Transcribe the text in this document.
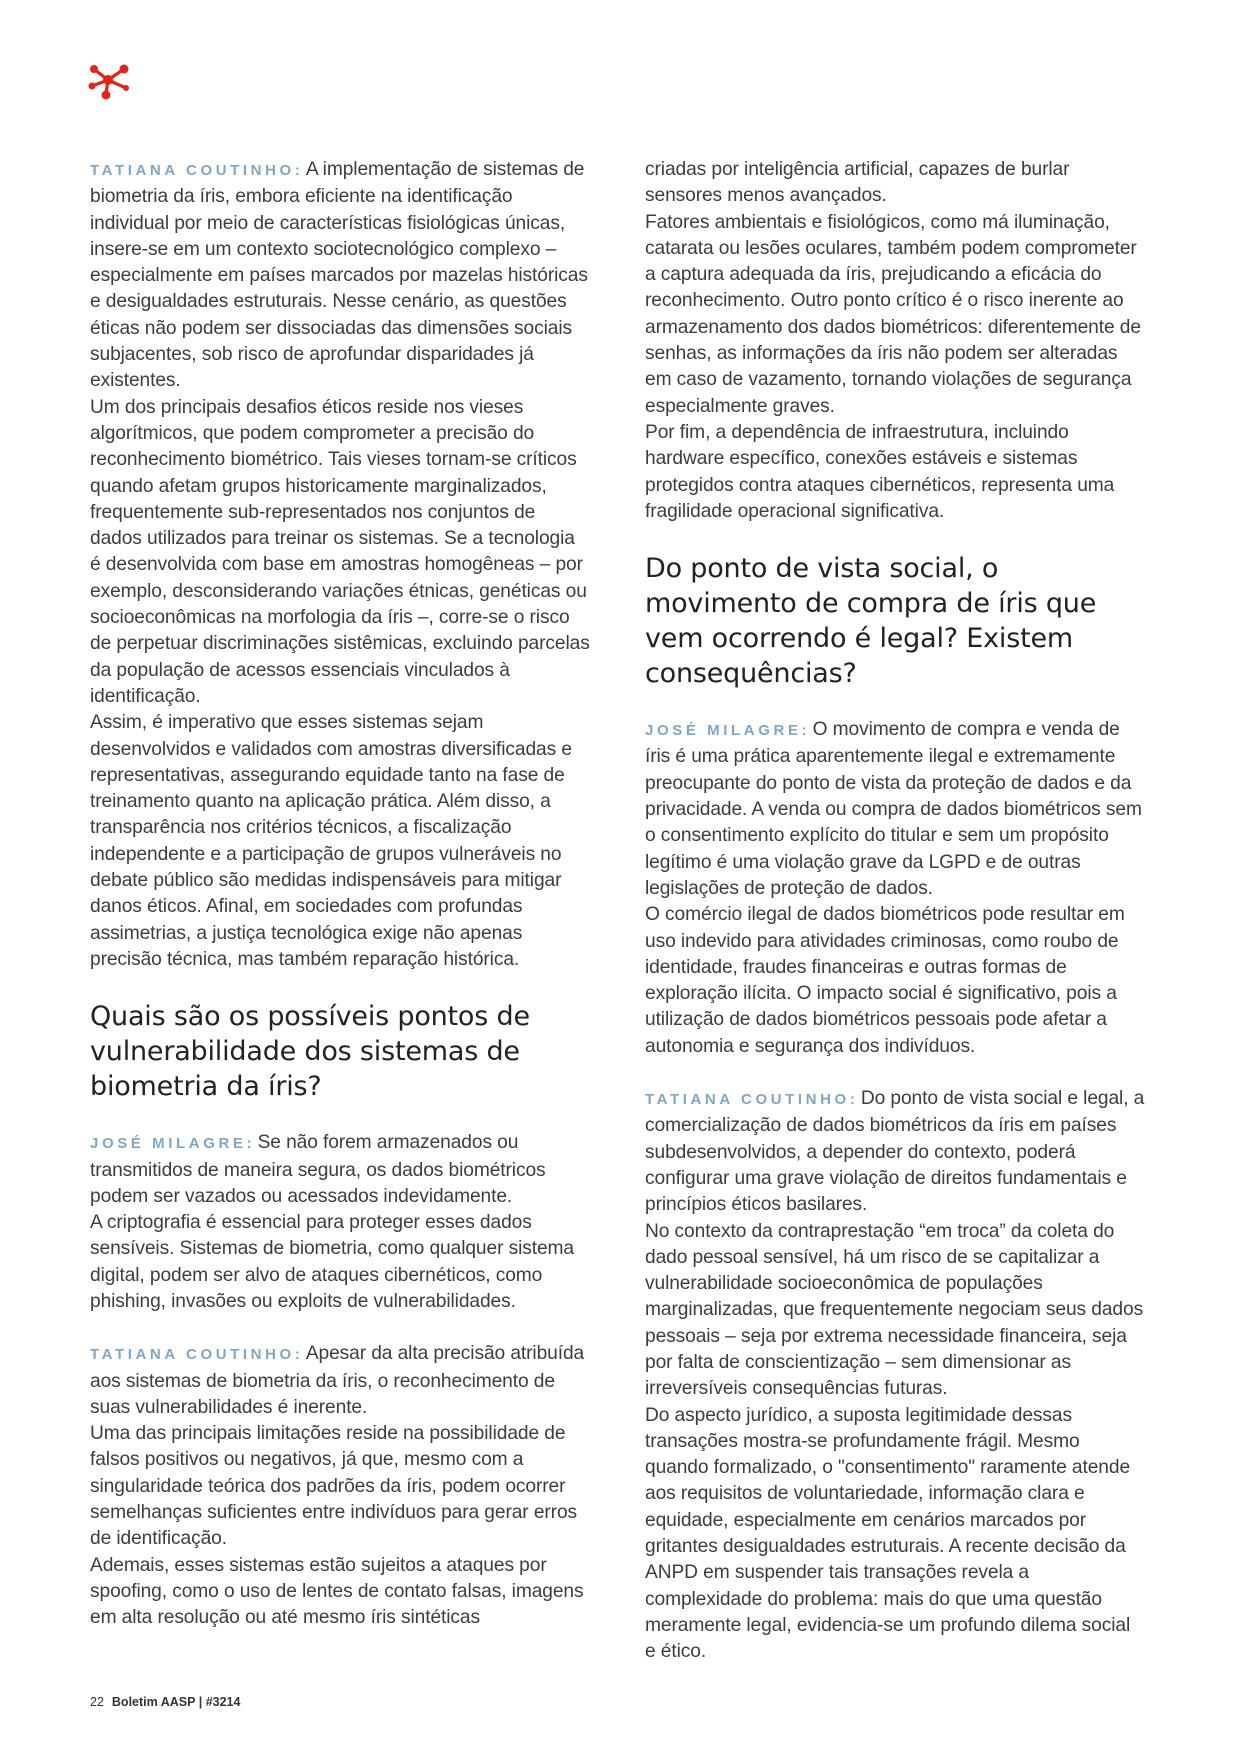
TATIANA COUTINHO : A implementação de sistemas de biometria da íris, embora eficiente na identificação individual por meio de características fisiológicas únicas, insere-se em um contexto sociotecnológico complexo – especialmente em países marcados por mazelas históricas e desigualdades estruturais. Nesse cenário, as questões éticas não podem ser dissociadas das dimensões sociais subjacentes, sob risco de aprofundar disparidades já existentes.

Um dos principais desafios éticos reside nos vieses algorítmicos, que podem comprometer a precisão do reconhecimento biométrico. Tais vieses tornam-se críticos quando afetam grupos historicamente marginalizados, frequentemente sub-representados nos conjuntos de dados utilizados para treinar os sistemas. Se a tecnologia é desenvolvida com base em amostras homogêneas – por exemplo, desconsiderando variações étnicas, genéticas ou socioeconômicas na morfologia da íris –, corre-se o risco de perpetuar discriminações sistêmicas, excluindo parcelas da população de acessos essenciais vinculados à identificação.

Assim, é imperativo que esses sistemas sejam desenvolvidos e validados com amostras diversificadas e representativas, assegurando equidade tanto na fase de treinamento quanto na aplicação prática. Além disso, a transparência nos critérios técnicos, a fiscalização independente e a participação de grupos vulneráveis no debate público são medidas indispensáveis para mitigar danos éticos. Afinal, em sociedades com profundas assimetrias, a justiça tecnológica exige não apenas precisão técnica, mas também reparação histórica.

Quais são os possíveis pontos de vulnerabilidade dos sistemas de biometria da íris?

JOSÉ MILAGRE : Se não forem armazenados ou transmitidos de maneira segura, os dados biométricos podem ser vazados ou acessados indevidamente.

A criptografia é essencial para proteger esses dados sensíveis. Sistemas de biometria, como qualquer sistema digital, podem ser alvo de ataques cibernéticos, como phishing, invasões ou exploits de vulnerabilidades.

TATIANA COUTINHO : Apesar da alta precisão atribuída aos sistemas de biometria da íris, o reconhecimento de suas vulnerabilidades é inerente.

Uma das principais limitações reside na possibilidade de falsos positivos ou negativos, já que, mesmo com a singularidade teórica dos padrões da íris, podem ocorrer semelhanças suficientes entre indivíduos para gerar erros de identificação.

Ademais, esses sistemas estão sujeitos a ataques por spoofing, como o uso de lentes de contato falsas, imagens em alta resolução ou até mesmo íris sintéticas

criadas por inteligência artificial, capazes de burlar sensores menos avançados.

Fatores ambientais e fisiológicos, como má iluminação, catarata ou lesões oculares, também podem comprometer a captura adequada da íris, prejudicando a eficácia do reconhecimento. Outro ponto crítico é o risco inerente ao armazenamento dos dados biométricos: diferentemente de senhas, as informações da íris não podem ser alteradas em caso de vazamento, tornando violações de segurança especialmente graves.

Por fim, a dependência de infraestrutura, incluindo hardware específico, conexões estáveis e sistemas protegidos contra ataques cibernéticos, representa uma fragilidade operacional significativa.

Do ponto de vista social, o movimento de compra de íris que vem ocorrendo é legal? Existem consequências?

JOSÉ MILAGRE : O movimento de compra e venda de íris é uma prática aparentemente ilegal e extremamente preocupante do ponto de vista da proteção de dados e da privacidade. A venda ou compra de dados biométricos sem o consentimento explícito do titular e sem um propósito legítimo é uma violação grave da LGPD e de outras legislações de proteção de dados.

O comércio ilegal de dados biométricos pode resultar em uso indevido para atividades criminosas, como roubo de identidade, fraudes financeiras e outras formas de exploração ilícita. O impacto social é significativo, pois a utilização de dados biométricos pessoais pode afetar a autonomia e segurança dos indivíduos.

TATIANA COUTINHO : Do ponto de vista social e legal, a comercialização de dados biométricos da íris em países subdesenvolvidos, a depender do contexto, poderá configurar uma grave violação de direitos fundamentais e princípios éticos basilares.

No contexto da contraprestação “em troca” da coleta do dado pessoal sensível, há um risco de se capitalizar a vulnerabilidade socioeconômica de populações marginalizadas, que frequentemente negociam seus dados pessoais – seja por extrema necessidade financeira, seja por falta de conscientização – sem dimensionar as irreversíveis consequências futuras.

Do aspecto jurídico, a suposta legitimidade dessas transações mostra-se profundamente frágil. Mesmo quando formalizado, o "consentimento" raramente atende aos requisitos de voluntariedade, informação clara e equidade, especialmente em cenários marcados por gritantes desigualdades estruturais. A recente decisão da ANPD em suspender tais transações revela a complexidade do problema: mais do que uma questão meramente legal, evidencia-se um profundo dilema social e ético.

22 Boletim AASP | #3214
